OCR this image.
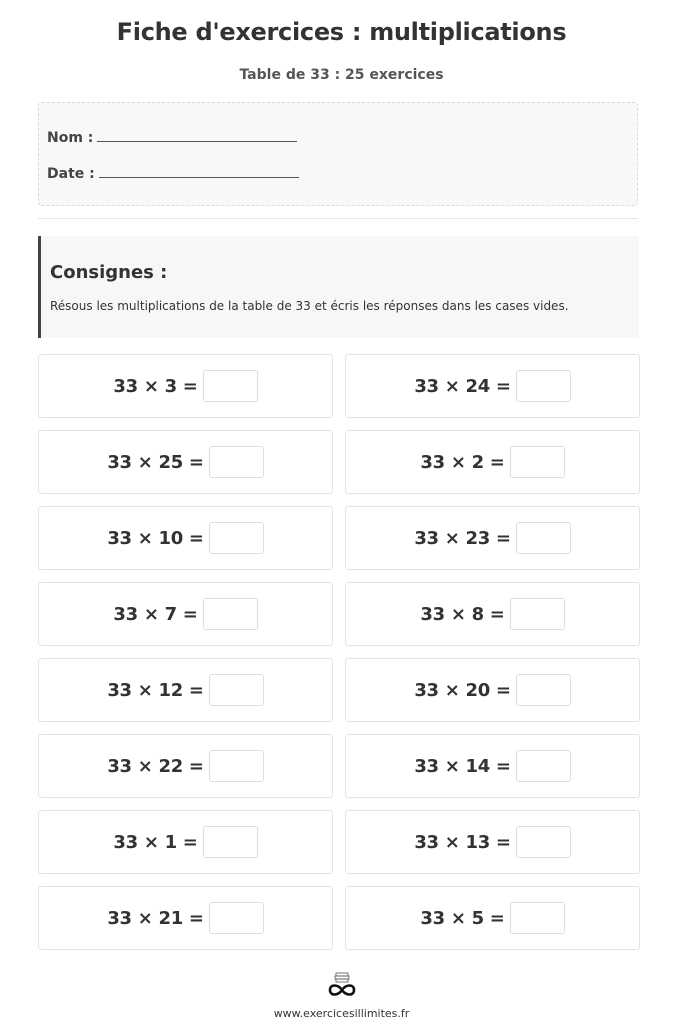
Fiche d'exercices : multiplications
Table de 33 : 25 exercices
Nom :
Date :
Consignes :

Résous les multiplications de la table de 33 et écris les réponses dans les cases vides.

33 × 3 =	33 × 24 =
33 × 25 =	33 × 2 =
33 × 10 =	33 × 23 =
33 × 7 =	33 × 8 =
33 × 12 =	33 × 20 =
33 × 22 =	33 × 14 =
33 × 1 =	33 × 13 =
33 × 21 =	33 × 5 =
www.exercicesillimites.fr
